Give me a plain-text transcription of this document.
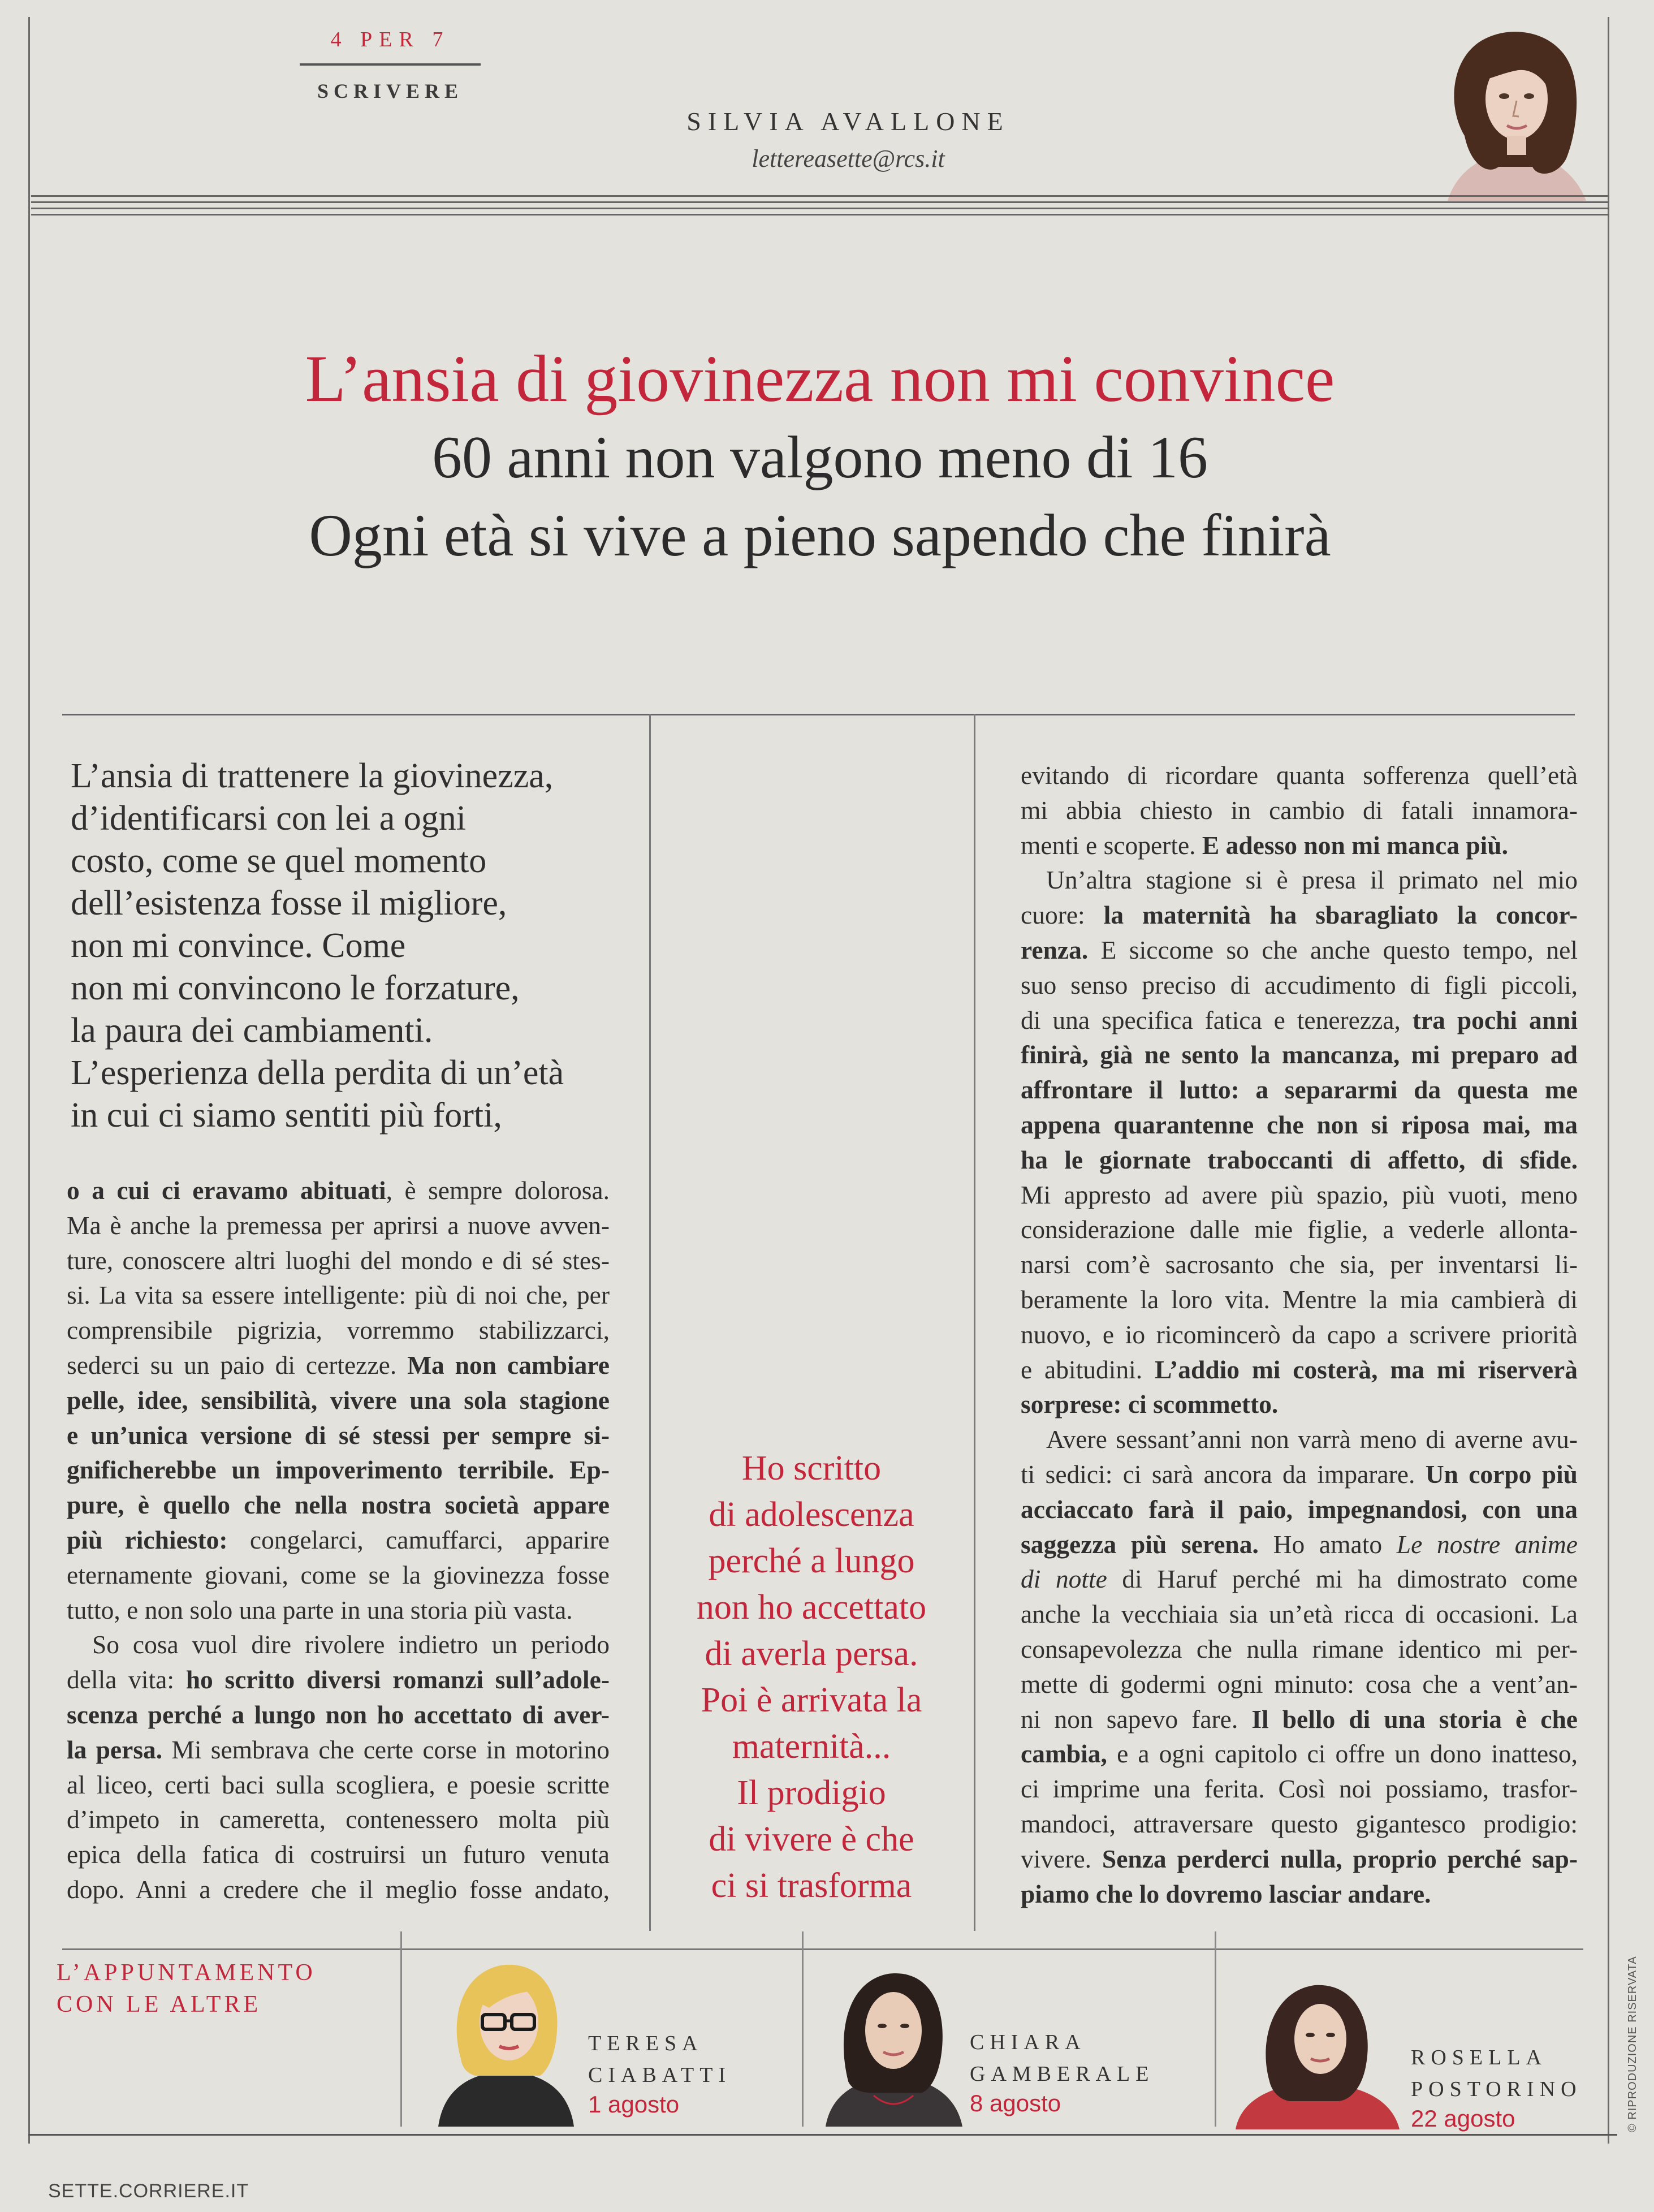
4 PER 7
SCRIVERE
SILVIA AVALLONE
lettereasette@rcs.it
L’ansia di giovinezza non mi convince
60 anni non valgono meno di 16
Ogni età si vive a pieno sapendo che finirà
L’ansia di trattenere la giovinezza,
d’identificarsi con lei a ogni
costo, come se quel momento
dell’esistenza fosse il migliore,
non mi convince. Come
non mi convincono le forzature,
la paura dei cambiamenti.
L’esperienza della perdita di un’età
in cui ci siamo sentiti più forti,
o a cui ci eravamo abituati, è sempre dolorosa.
Ma è anche la premessa per aprirsi a nuove avven-
ture, conoscere altri luoghi del mondo e di sé stes-
si. La vita sa essere intelligente: più di noi che, per
comprensibile pigrizia, vorremmo stabilizzarci,
sederci su un paio di certezze. Ma non cambiare
pelle, idee, sensibilità, vivere una sola stagione
e un’unica versione di sé stessi per sempre si-
gnificherebbe un impoverimento terribile. Ep-
pure, è quello che nella nostra società appare
più richiesto: congelarci, camuffarci, apparire
eternamente giovani, come se la giovinezza fosse
tutto, e non solo una parte in una storia più vasta.
So cosa vuol dire rivolere indietro un periodo
della vita: ho scritto diversi romanzi sull’adole-
scenza perché a lungo non ho accettato di aver-
la persa. Mi sembrava che certe corse in motorino
al liceo, certi baci sulla scogliera, e poesie scritte
d’impeto in cameretta, contenessero molta più
epica della fatica di costruirsi un futuro venuta
dopo. Anni a credere che il meglio fosse andato,
evitando di ricordare quanta sofferenza quell’età
mi abbia chiesto in cambio di fatali innamora-
menti e scoperte. E adesso non mi manca più.
Un’altra stagione si è presa il primato nel mio
cuore: la maternità ha sbaragliato la concor-
renza. E siccome so che anche questo tempo, nel
suo senso preciso di accudimento di figli piccoli,
di una specifica fatica e tenerezza, tra pochi anni
finirà, già ne sento la mancanza, mi preparo ad
affrontare il lutto: a separarmi da questa me
appena quarantenne che non si riposa mai, ma
ha le giornate traboccanti di affetto, di sfide.
Mi appresto ad avere più spazio, più vuoti, meno
considerazione dalle mie figlie, a vederle allonta-
narsi com’è sacrosanto che sia, per inventarsi li-
beramente la loro vita. Mentre la mia cambierà di
nuovo, e io ricomincerò da capo a scrivere priorità
e abitudini. L’addio mi costerà, ma mi riserverà
sorprese: ci scommetto.
Avere sessant’anni non varrà meno di averne avu-
ti sedici: ci sarà ancora da imparare. Un corpo più
acciaccato farà il paio, impegnandosi, con una
saggezza più serena. Ho amato Le nostre anime
di notte di Haruf perché mi ha dimostrato come
anche la vecchiaia sia un’età ricca di occasioni. La
consapevolezza che nulla rimane identico mi per-
mette di godermi ogni minuto: cosa che a vent’an-
ni non sapevo fare. Il bello di una storia è che
cambia, e a ogni capitolo ci offre un dono inatteso,
ci imprime una ferita. Così noi possiamo, trasfor-
mandoci, attraversare questo gigantesco prodigio:
vivere. Senza perderci nulla, proprio perché sap-
piamo che lo dovremo lasciar andare.
Ho scritto
di adolescenza
perché a lungo
non ho accettato
di averla persa.
Poi è arrivata la
maternità...
Il prodigio
di vivere è che
ci si trasforma
L’APPUNTAMENTO
CON LE ALTRE
TERESA
CIABATTI
1 agosto
CHIARA
GAMBERALE
8 agosto
ROSELLA
POSTORINO
22 agosto	© RIPRODUZIONE RISERVATA
SETTE.CORRIERE.IT
